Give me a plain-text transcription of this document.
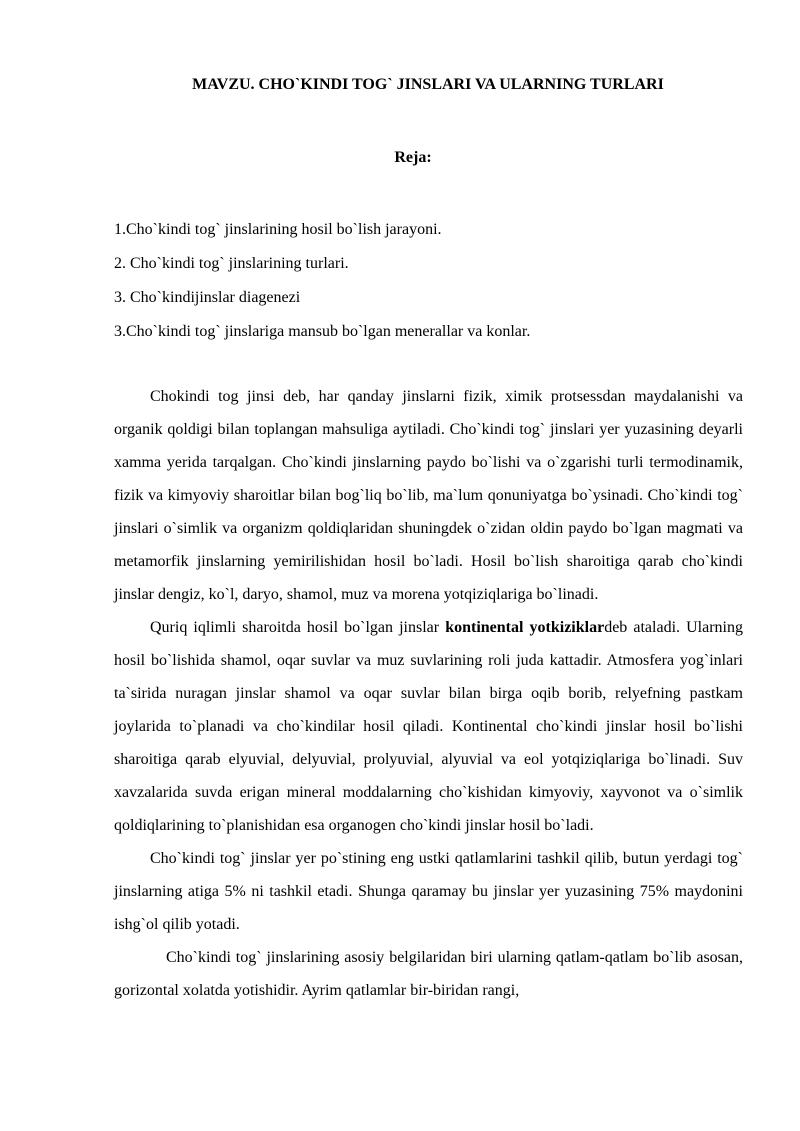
MAVZU. CHO`KINDI TOG` JINSLARI VA ULARNING TURLARI
Reja:
1.Cho`kindi tog` jinslarining hosil bo`lish jarayoni.
2. Cho`kindi tog` jinslarining turlari.
3. Cho`kindijinslar diagenezi
3.Cho`kindi tog` jinslariga mansub bo`lgan menerallar va konlar.

Chokindi tog jinsi deb, har qanday jinslarni fizik, ximik protsessdan maydalanishi va organik qoldigi bilan toplangan mahsuliga aytiladi. Cho`kindi tog` jinslari yer yuzasining deyarli xamma yerida tarqalgan. Cho`kindi jinslarning paydo bo`lishi va o`zgarishi turli termodinamik, fizik va kimyoviy sharoitlar bilan bog`liq bo`lib, ma`lum qonuniyatga bo`ysinadi. Cho`kindi tog` jinslari o`simlik va organizm qoldiqlaridan shuningdek o`zidan oldin paydo bo`lgan magmati va metamorfik jinslarning yemirilishidan hosil bo`ladi. Hosil bo`lish sharoitiga qarab cho`kindi jinslar dengiz, ko`l, daryo, shamol, muz va morena yotqiziqlariga bo`linadi.

Quriq iqlimli sharoitda hosil bo`lgan jinslar kontinental yotkiziklardeb ataladi. Ularning hosil bo`lishida shamol, oqar suvlar va muz suvlarining roli juda kattadir. Atmosfera yog`inlari ta`sirida nuragan jinslar shamol va oqar suvlar bilan birga oqib borib, relyefning pastkam joylarida to`planadi va cho`kindilar hosil qiladi. Kontinental cho`kindi jinslar hosil bo`lishi sharoitiga qarab elyuvial, delyuvial, prolyuvial, alyuvial va eol yotqiziqlariga bo`linadi. Suv xavzalarida suvda erigan mineral moddalarning cho`kishidan kimyoviy, xayvonot va o`simlik qoldiqlarining to`planishidan esa organogen cho`kindi jinslar hosil bo`ladi.

Cho`kindi tog` jinslar yer po`stining eng ustki qatlamlarini tashkil qilib, butun yerdagi tog` jinslarning atiga 5% ni tashkil etadi. Shunga qaramay bu jinslar yer yuzasining 75% maydonini ishg`ol qilib yotadi.

Cho`kindi tog` jinslarining asosiy belgilaridan biri ularning qatlam-qatlam bo`lib asosan, gorizontal xolatda yotishidir. Ayrim qatlamlar bir-biridan rangi,
